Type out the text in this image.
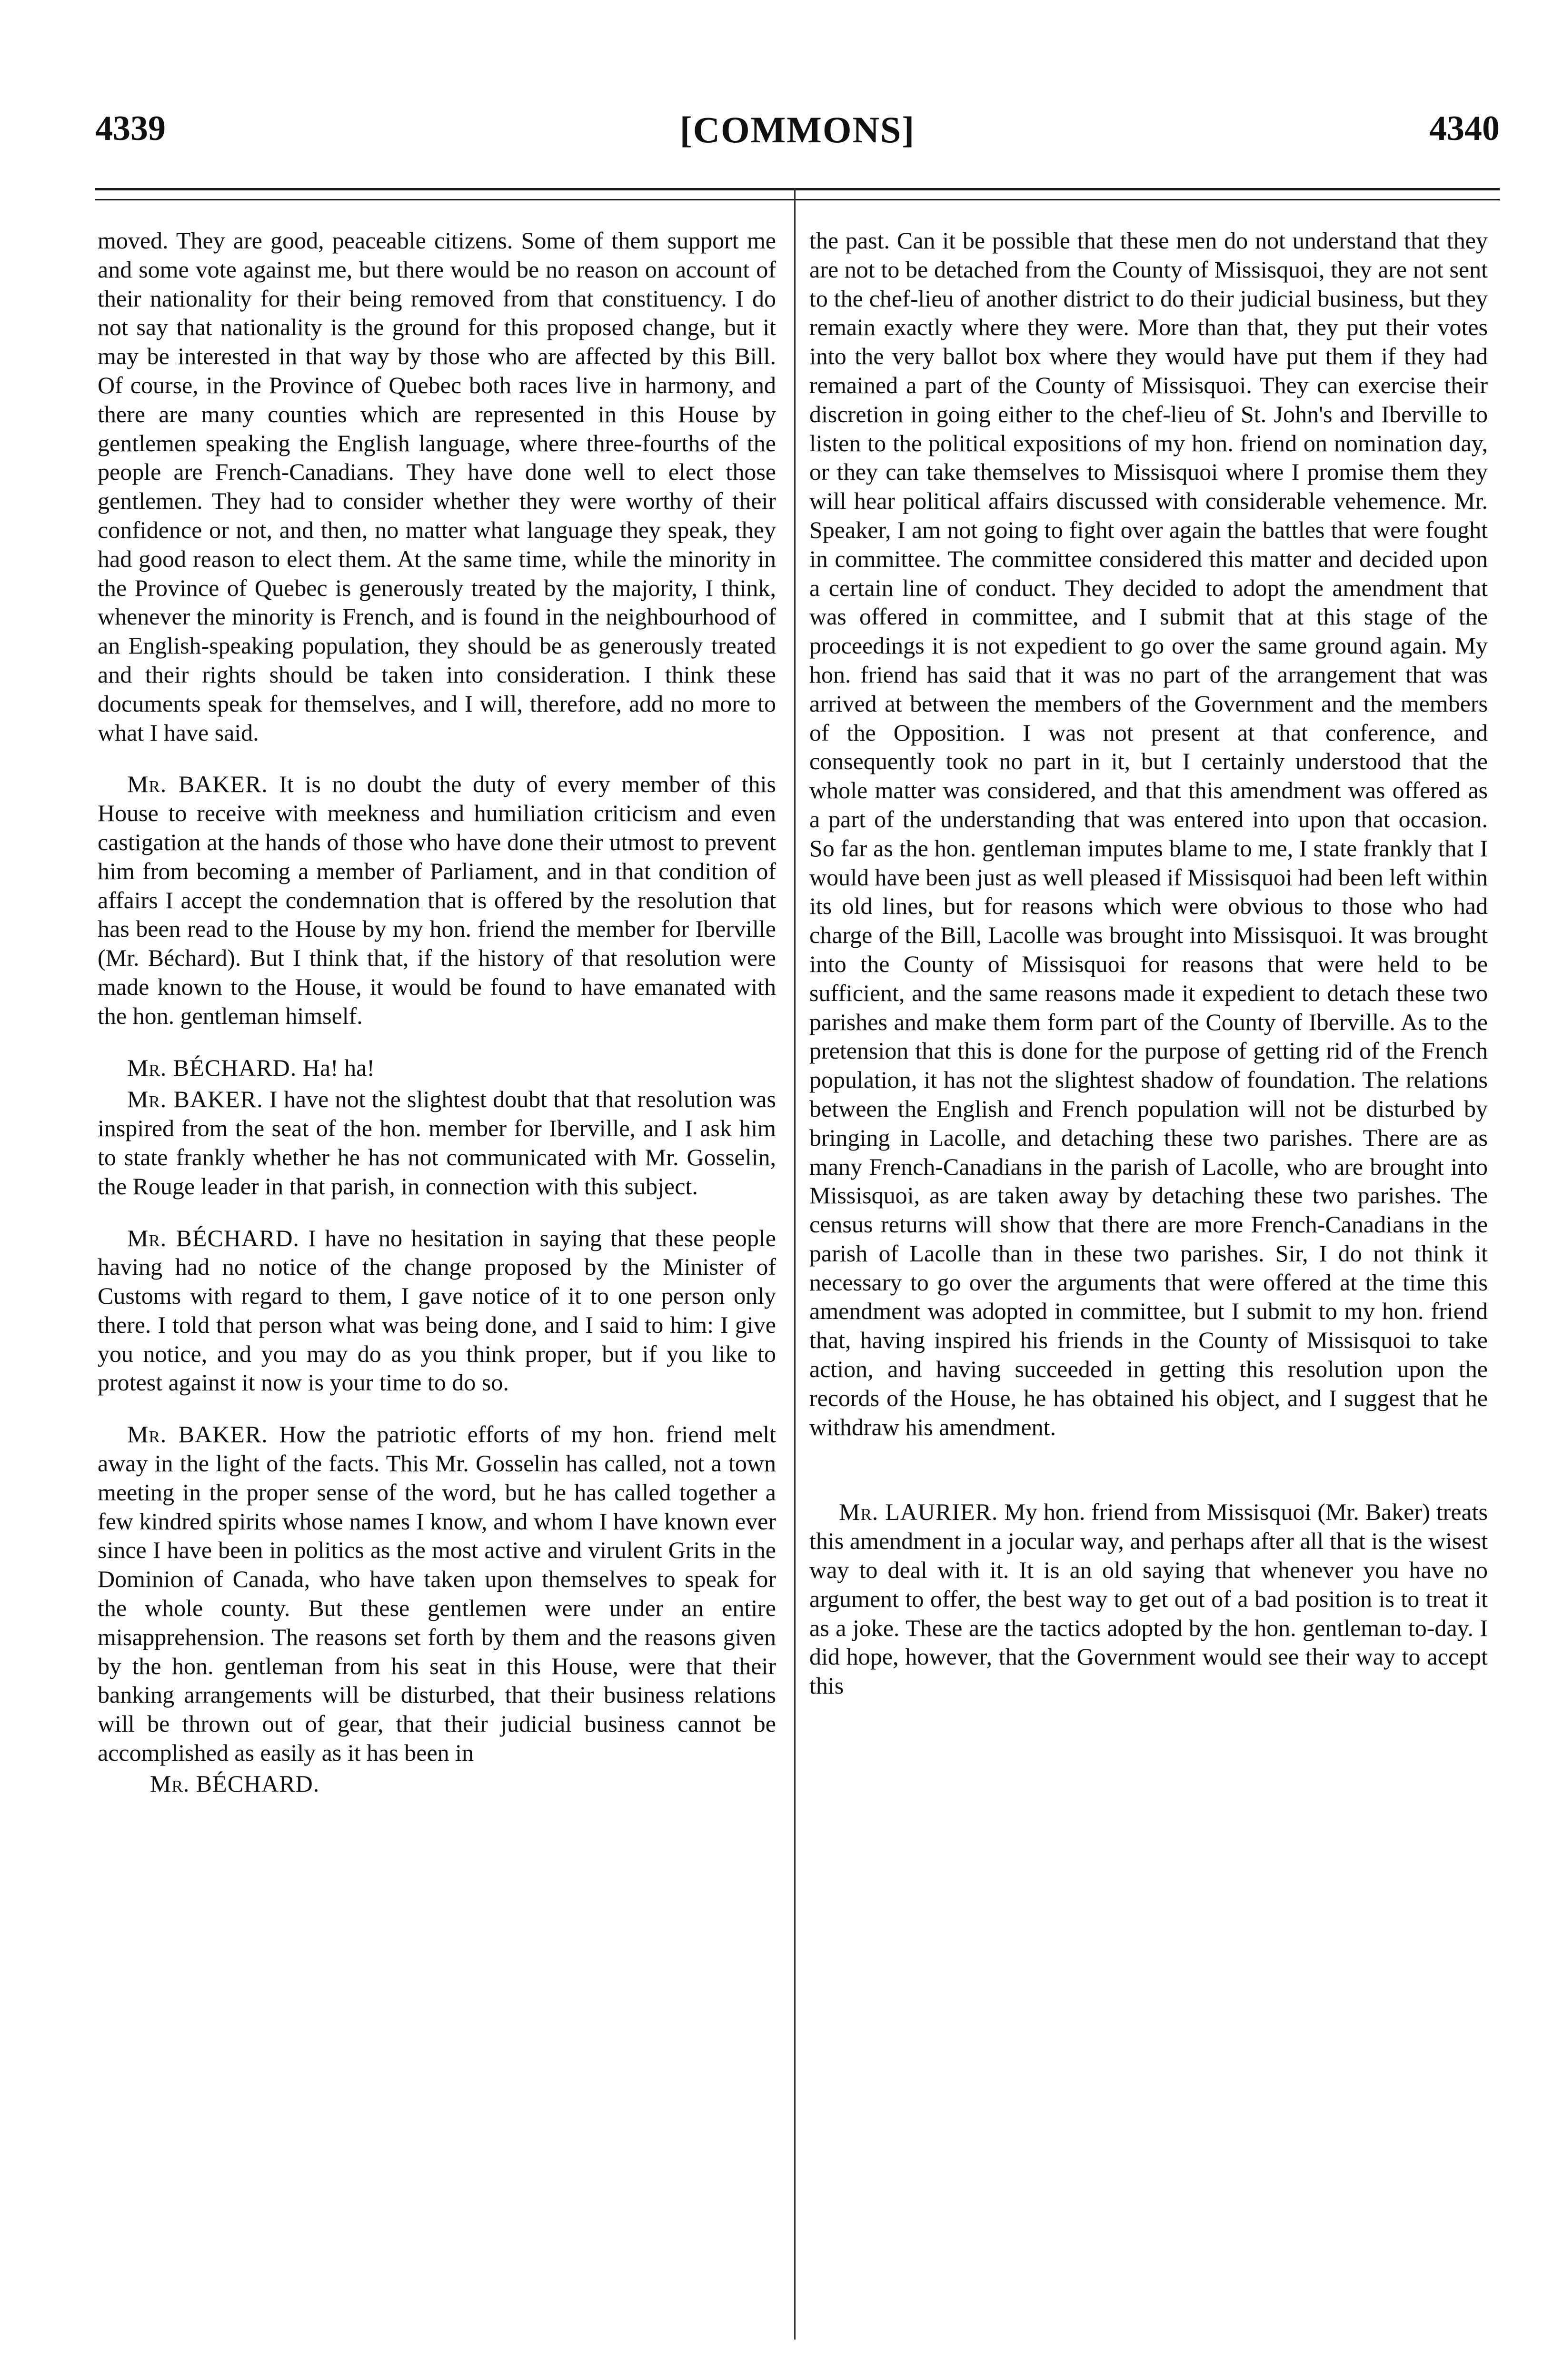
4339	[COMMONS]	4340

moved. They are good, peaceable citizens. Some of them support me and some vote against me, but there would be no reason on account of their nationality for their being removed from that constituency. I do not say that nationality is the ground for this proposed change, but it may be interested in that way by those who are affected by this Bill. Of course, in the Province of Quebec both races live in harmony, and there are many counties which are represented in this House by gentlemen speaking the English language, where three-fourths of the people are French-Canadians. They have done well to elect those gentlemen. They had to consider whether they were worthy of their confidence or not, and then, no matter what language they speak, they had good reason to elect them. At the same time, while the minority in the Province of Quebec is generously treated by the majority, I think, whenever the minority is French, and is found in the neighbourhood of an English-speaking population, they should be as generously treated and their rights should be taken into consideration. I think these documents speak for themselves, and I will, therefore, add no more to what I have said.

Mr. BAKER. It is no doubt the duty of every member of this House to receive with meekness and humiliation criticism and even castigation at the hands of those who have done their utmost to prevent him from becoming a member of Parliament, and in that condition of affairs I accept the condemnation that is offered by the resolution that has been read to the House by my hon. friend the member for Iberville (Mr. Béchard). But I think that, if the history of that resolution were made known to the House, it would be found to have emanated with the hon. gentleman himself.

Mr. BÉCHARD. Ha! ha!

Mr. BAKER. I have not the slightest doubt that that resolution was inspired from the seat of the hon. member for Iberville, and I ask him to state frankly whether he has not communicated with Mr. Gosselin, the Rouge leader in that parish, in connection with this subject.

Mr. BÉCHARD. I have no hesitation in saying that these people having had no notice of the change proposed by the Minister of Customs with regard to them, I gave notice of it to one person only there. I told that person what was being done, and I said to him: I give you notice, and you may do as you think proper, but if you like to protest against it now is your time to do so.

Mr. BAKER. How the patriotic efforts of my hon. friend melt away in the light of the facts. This Mr. Gosselin has called, not a town meeting in the proper sense of the word, but he has called together a few kindred spirits whose names I know, and whom I have known ever since I have been in politics as the most active and virulent Grits in the Dominion of Canada, who have taken upon themselves to speak for the whole county. But these gentlemen were under an entire misapprehension. The reasons set forth by them and the reasons given by the hon. gentleman from his seat in this House, were that their banking arrangements will be disturbed, that their business relations will be thrown out of gear, that their judicial business cannot be accomplished as easily as it has been in

Mr. BÉCHARD.

the past. Can it be possible that these men do not understand that they are not to be detached from the County of Missisquoi, they are not sent to the chef-lieu of another district to do their judicial business, but they remain exactly where they were. More than that, they put their votes into the very ballot box where they would have put them if they had remained a part of the County of Missisquoi. They can exercise their discretion in going either to the chef-lieu of St. John's and Iberville to listen to the political expositions of my hon. friend on nomination day, or they can take themselves to Missisquoi where I promise them they will hear political affairs discussed with considerable vehemence. Mr. Speaker, I am not going to fight over again the battles that were fought in committee. The committee considered this matter and decided upon a certain line of conduct. They decided to adopt the amendment that was offered in committee, and I submit that at this stage of the proceedings it is not expedient to go over the same ground again. My hon. friend has said that it was no part of the arrangement that was arrived at between the members of the Government and the members of the Opposition. I was not present at that conference, and consequently took no part in it, but I certainly understood that the whole matter was considered, and that this amendment was offered as a part of the understanding that was entered into upon that occasion. So far as the hon. gentleman imputes blame to me, I state frankly that I would have been just as well pleased if Missisquoi had been left within its old lines, but for reasons which were obvious to those who had charge of the Bill, Lacolle was brought into Missisquoi. It was brought into the County of Missisquoi for reasons that were held to be sufficient, and the same reasons made it expedient to detach these two parishes and make them form part of the County of Iberville. As to the pretension that this is done for the purpose of getting rid of the French population, it has not the slightest shadow of foundation. The relations between the English and French population will not be disturbed by bringing in Lacolle, and detaching these two parishes. There are as many French-Canadians in the parish of Lacolle, who are brought into Missisquoi, as are taken away by detaching these two parishes. The census returns will show that there are more French-Canadians in the parish of Lacolle than in these two parishes. Sir, I do not think it necessary to go over the arguments that were offered at the time this amendment was adopted in committee, but I submit to my hon. friend that, having inspired his friends in the County of Missisquoi to take action, and having succeeded in getting this resolution upon the records of the House, he has obtained his object, and I suggest that he withdraw his amendment.

Mr. LAURIER. My hon. friend from Missisquoi (Mr. Baker) treats this amendment in a jocular way, and perhaps after all that is the wisest way to deal with it. It is an old saying that whenever you have no argument to offer, the best way to get out of a bad position is to treat it as a joke. These are the tactics adopted by the hon. gentleman to-day. I did hope, however, that the Government would see their way to accept this
